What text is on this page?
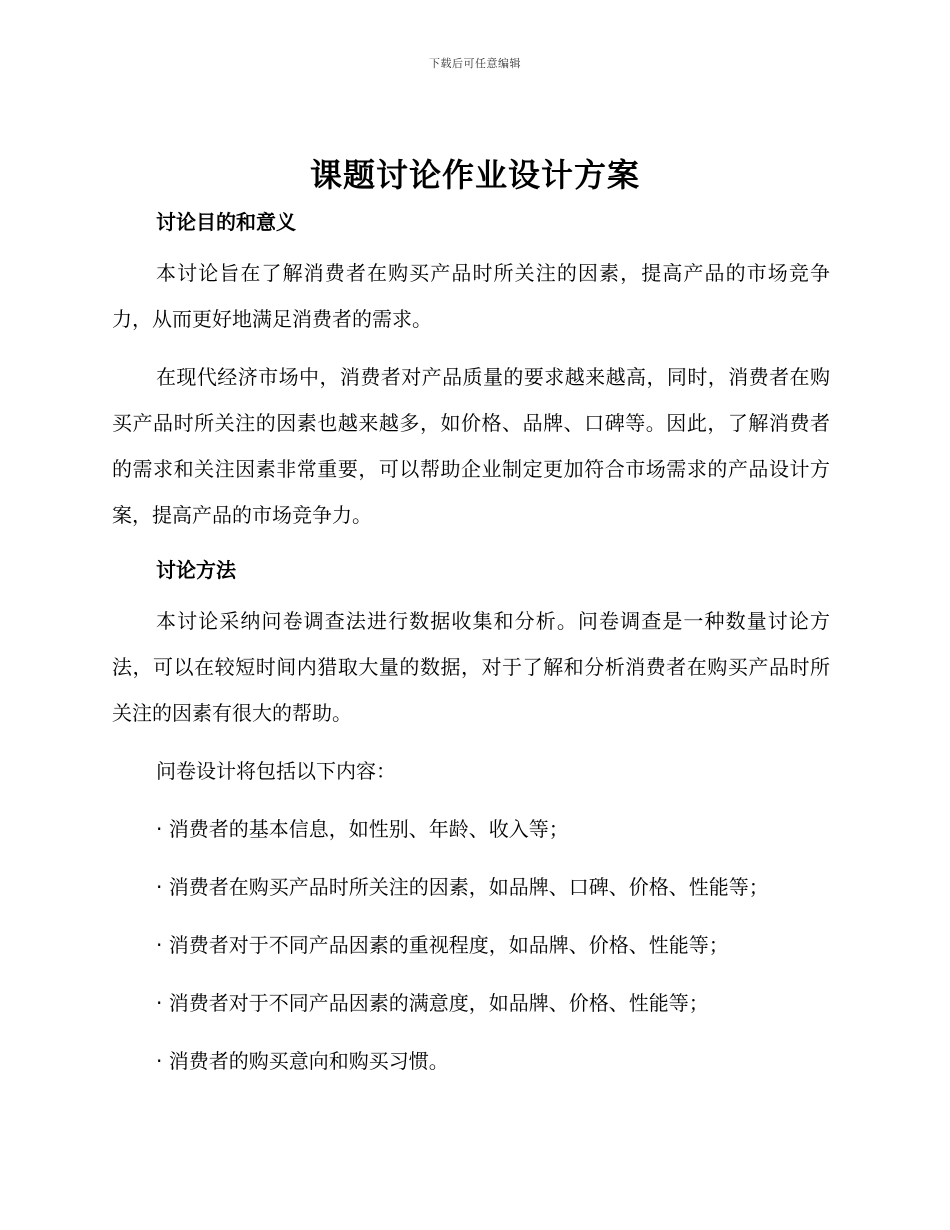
下载后可任意编辑
课题讨论作业设计方案
讨论目的和意义

本讨论旨在了解消费者在购买产品时所关注的因素，提高产品的市场竞争力，从而更好地满足消费者的需求。

在现代经济市场中，消费者对产品质量的要求越来越高，同时，消费者在购买产品时所关注的因素也越来越多，如价格、品牌、口碑等。因此，了解消费者的需求和关注因素非常重要，可以帮助企业制定更加符合市场需求的产品设计方案，提高产品的市场竞争力。

讨论方法

本讨论采纳问卷调查法进行数据收集和分析。问卷调查是一种数量讨论方法，可以在较短时间内猎取大量的数据，对于了解和分析消费者在购买产品时所关注的因素有很大的帮助。

问卷设计将包括以下内容：

· 消费者的基本信息，如性别、年龄、收入等；

· 消费者在购买产品时所关注的因素，如品牌、口碑、价格、性能等；

· 消费者对于不同产品因素的重视程度，如品牌、价格、性能等；

· 消费者对于不同产品因素的满意度，如品牌、价格、性能等；

· 消费者的购买意向和购买习惯。
